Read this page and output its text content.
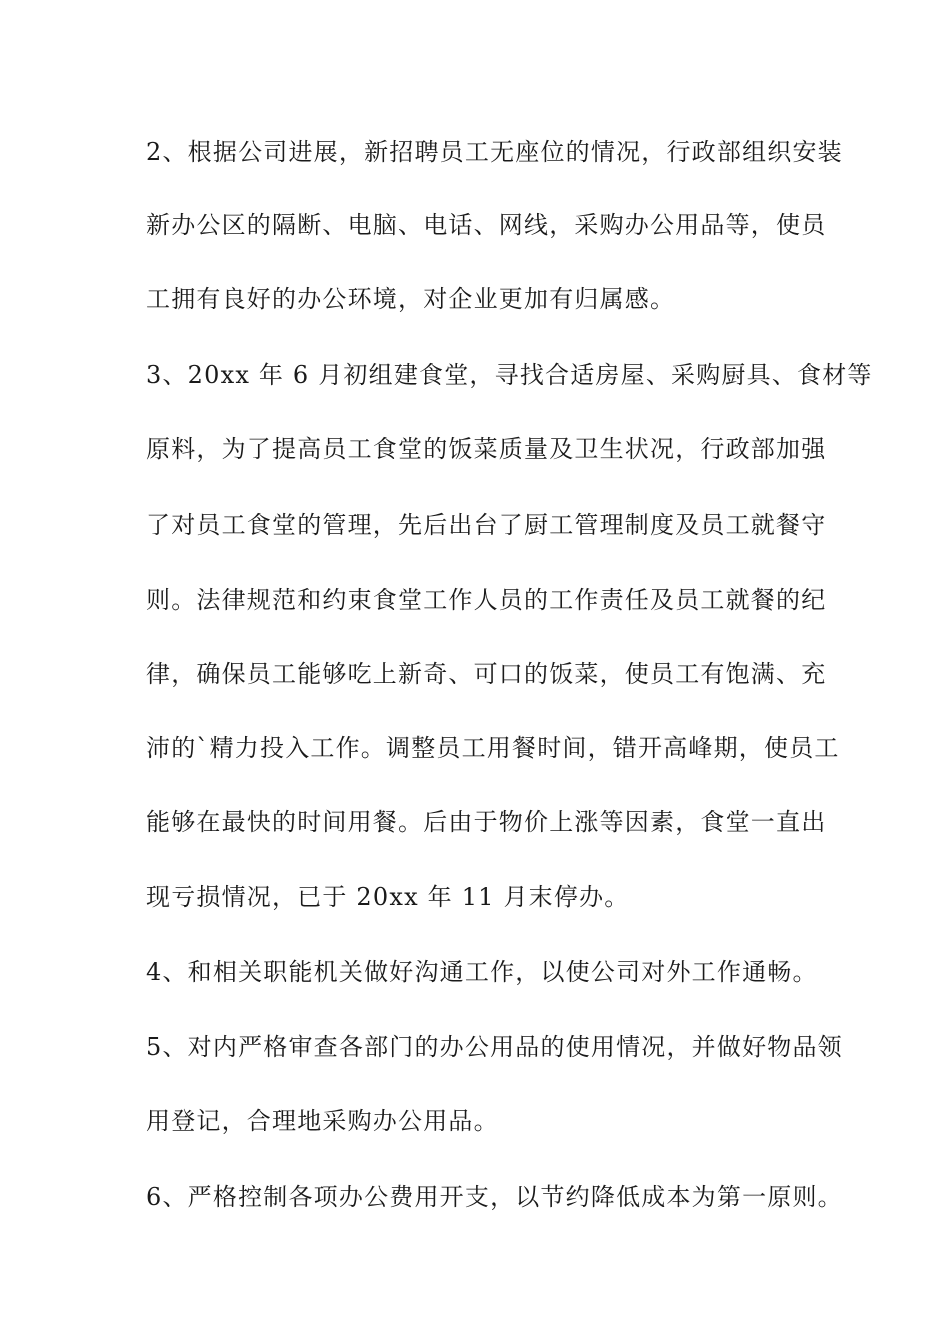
2、根据公司进展，新招聘员工无座位的情况，行政部组织安装
新办公区的隔断、电脑、电话、网线，采购办公用品等，使员
工拥有良好的办公环境，对企业更加有归属感。
3、20xx 年 6 月初组建食堂，寻找合适房屋、采购厨具、食材等
原料，为了提高员工食堂的饭菜质量及卫生状况，行政部加强
了对员工食堂的管理，先后出台了厨工管理制度及员工就餐守
则。法律规范和约束食堂工作人员的工作责任及员工就餐的纪
律，确保员工能够吃上新奇、可口的饭菜，使员工有饱满、充
沛的`精力投入工作。调整员工用餐时间，错开高峰期，使员工
能够在最快的时间用餐。后由于物价上涨等因素，食堂一直出
现亏损情况，已于 20xx 年 11 月末停办。
4、和相关职能机关做好沟通工作，以使公司对外工作通畅。
5、对内严格审查各部门的办公用品的使用情况，并做好物品领
用登记，合理地采购办公用品。
6、严格控制各项办公费用开支，以节约降低成本为第一原则。
